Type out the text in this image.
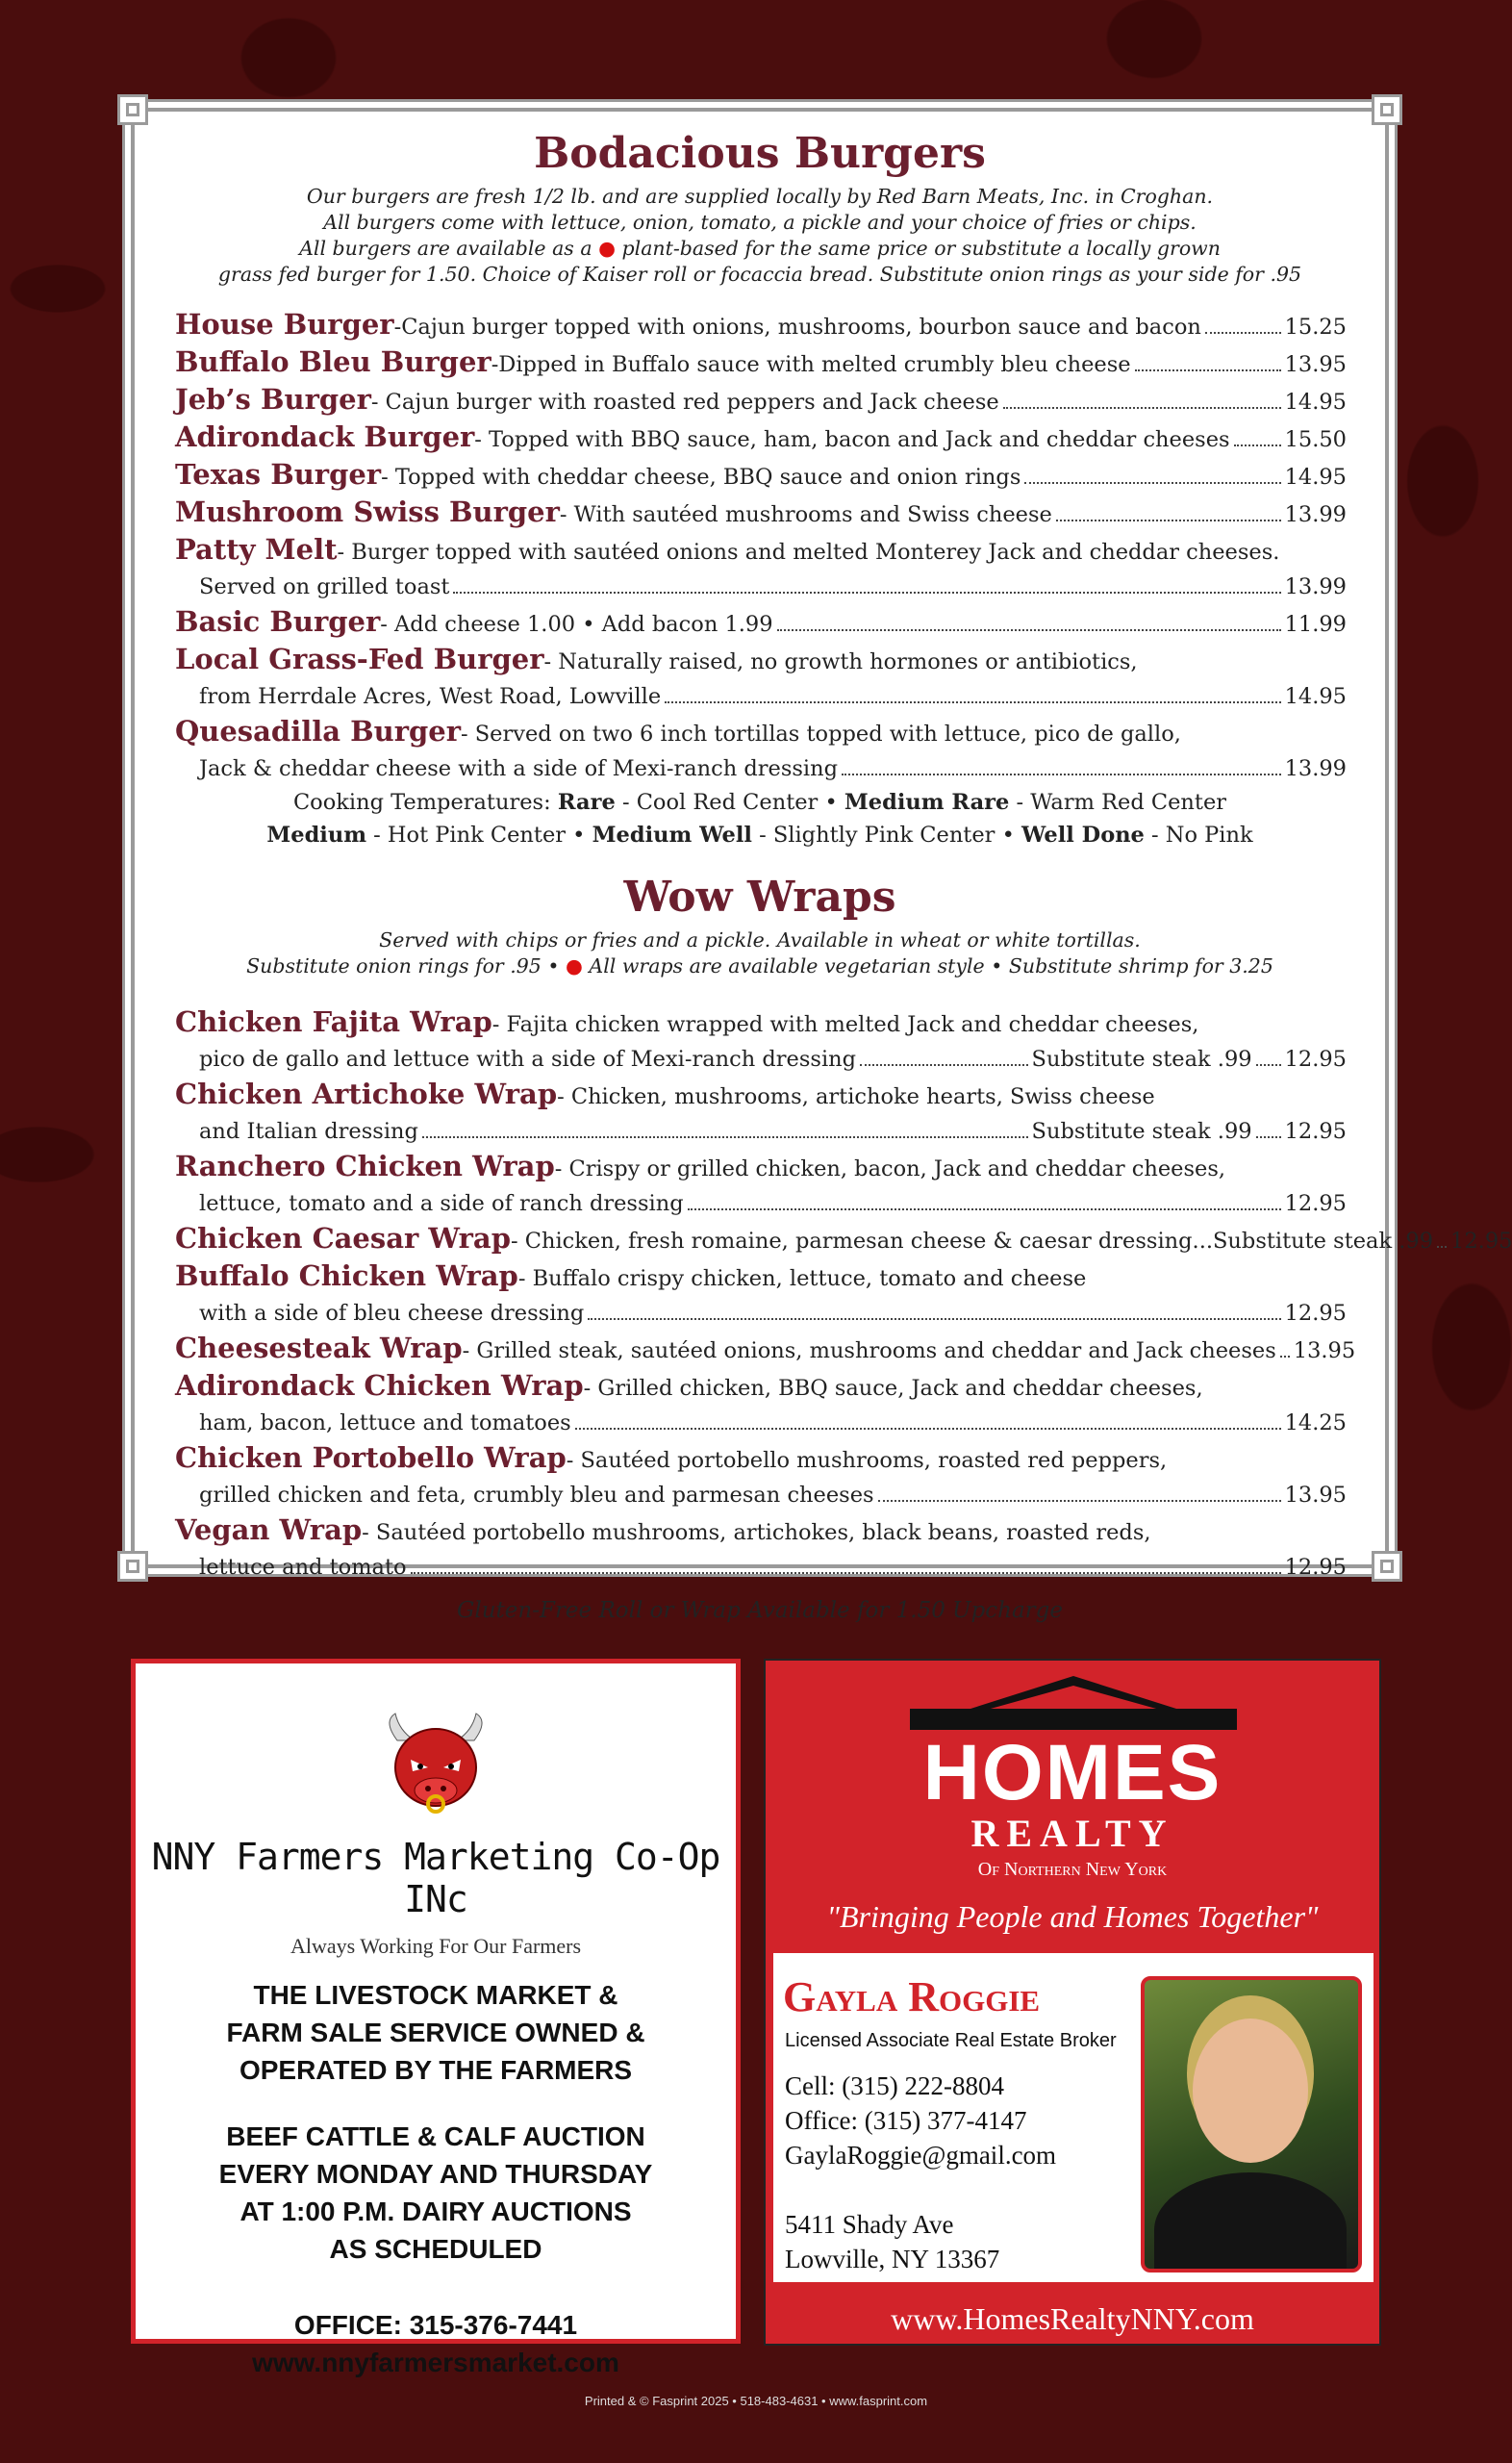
Bodacious Burgers

Our burgers are fresh 1/2 lb. and are supplied locally by Red Barn Meats, Inc. in Croghan.
All burgers come with lettuce, onion, tomato, a pickle and your choice of fries or chips.
All burgers are available as a ● plant-based for the same price or substitute a locally grown
grass fed burger for 1.50. Choice of Kaiser roll or focaccia bread. Substitute onion rings as your side for .95

House Burger -Cajun burger topped with onions, mushrooms, bourbon sauce and bacon	15.25
Buffalo Bleu Burger -Dipped in Buffalo sauce with melted crumbly bleu cheese	13.95
Jeb’s Burger - Cajun burger with roasted red peppers and Jack cheese	14.95
Adirondack Burger - Topped with BBQ sauce, ham, bacon and Jack and cheddar cheeses	15.50
Texas Burger - Topped with cheddar cheese, BBQ sauce and onion rings	14.95
Mushroom Swiss Burger - With sautéed mushrooms and Swiss cheese	13.99
Patty Melt - Burger topped with sautéed onions and melted Monterey Jack and cheddar cheeses.
Served on grilled toast	13.99
Basic Burger - Add cheese 1.00 • Add bacon 1.99	11.99
Local Grass-Fed Burger - Naturally raised, no growth hormones or antibiotics,
from Herrdale Acres, West Road, Lowville	14.95
Quesadilla Burger - Served on two 6 inch tortillas topped with lettuce, pico de gallo,
Jack & cheddar cheese with a side of Mexi-ranch dressing	13.99
Cooking Temperatures: Rare - Cool Red Center • Medium Rare - Warm Red Center
Medium - Hot Pink Center • Medium Well - Slightly Pink Center • Well Done - No Pink
Wow Wraps

Served with chips or fries and a pickle. Available in wheat or white tortillas.
Substitute onion rings for .95 • ● All wraps are available vegetarian style • Substitute shrimp for 3.25

Chicken Fajita Wrap - Fajita chicken wrapped with melted Jack and cheddar cheeses,
pico de gallo and lettuce with a side of Mexi-ranch dressing	Substitute steak .99 12.95
Chicken Artichoke Wrap - Chicken, mushrooms, artichoke hearts, Swiss cheese
and Italian dressing	Substitute steak .99 12.95
Ranchero Chicken Wrap - Crispy or grilled chicken, bacon, Jack and cheddar cheeses,
lettuce, tomato and a side of ranch dressing	12.95
Chicken Caesar Wrap - Chicken, fresh romaine, parmesan cheese & caesar dressing...Substitute steak .99 12.95
Buffalo Chicken Wrap - Buffalo crispy chicken, lettuce, tomato and cheese
with a side of bleu cheese dressing	12.95
Cheesesteak Wrap - Grilled steak, sautéed onions, mushrooms and cheddar and Jack cheeses 13.95
Adirondack Chicken Wrap - Grilled chicken, BBQ sauce, Jack and cheddar cheeses,
ham, bacon, lettuce and tomatoes	14.25
Chicken Portobello Wrap - Sautéed portobello mushrooms, roasted red peppers,
grilled chicken and feta, crumbly bleu and parmesan cheeses	13.95
Vegan Wrap - Sautéed portobello mushrooms, artichokes, black beans, roasted reds,
lettuce and tomato	12.95
Gluten-Free Roll or Wrap Available for 1.50 Upcharge
NNY Farmers Marketing Co-Op INc
Always Working For Our Farmers
THE LIVESTOCK MARKET &
FARM SALE SERVICE OWNED &
OPERATED BY THE FARMERS
BEEF CATTLE & CALF AUCTION
EVERY MONDAY AND THURSDAY
AT 1:00 P.M. DAIRY AUCTIONS
AS SCHEDULED
OFFICE: 315-376-7441
www.nnyfarmersmarket.com
HOMES
REALTY
Of Northern New York
"Bringing People and Homes Together"
Gayla Roggie
Licensed Associate Real Estate Broker
Cell: (315) 222-8804
Office: (315) 377-4147
GaylaRoggie@gmail.com
5411 Shady Ave
Lowville, NY 13367
www.HomesRealtyNNY.com
Printed & © Fasprint 2025 • 518-483-4631 • www.fasprint.com
